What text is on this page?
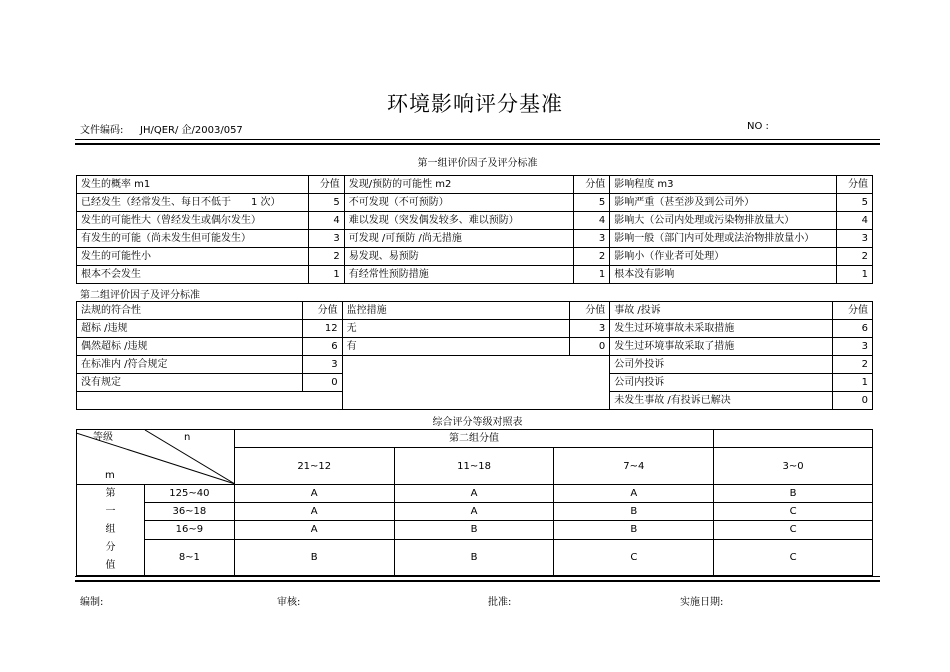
环境影响评分基准
文件编码: JH/QER/ 企/2003/057	NO :
第一组评价因子及评分标准
发生的概率 m1	分值	发现/预防的可能性 m2	分值	影响程度 m3	分值
已经发生（经常发生、每日不低于　　1 次）	5	不可发现（不可预防）	5	影响严重（甚至涉及到公司外）	5
发生的可能性大（曾经发生或偶尔发生）	4	难以发现（突发偶发较多、难以预防）	4	影响大（公司内处理或污染物排放量大）	4
有发生的可能（尚未发生但可能发生）	3	可发现 /可预防 /尚无措施	3	影响一般（部门内可处理或法治物排放量小）	3
发生的可能性小	2	易发现、易预防	2	影响小（作业者可处理）	2
根本不会发生	1	有经常性预防措施	1	根本没有影响	1
第二组评价因子及评分标准
法规的符合性	分值	监控措施	分值	事故 /投诉	分值
超标 /违规	12	无	3	发生过环境事故未采取措施	6
偶然超标 /违规	6	有	0	发生过环境事故采取了措施	3
在标准内 /符合规定	3			公司外投诉	2
没有规定	0			公司内投诉	1
				未发生事故 /有投诉已解决	0
综合评分等级对照表
等级 n
m		第二组分值			
		21~12	11~18	7~4	3~0

第
一
组
分
值	125~40	A	A	A	B
	36~18	A	A	B	C
	16~9	A	B	B	C
	8~1	B	B	C	C
编制:	审核:	批准:	实施日期:
